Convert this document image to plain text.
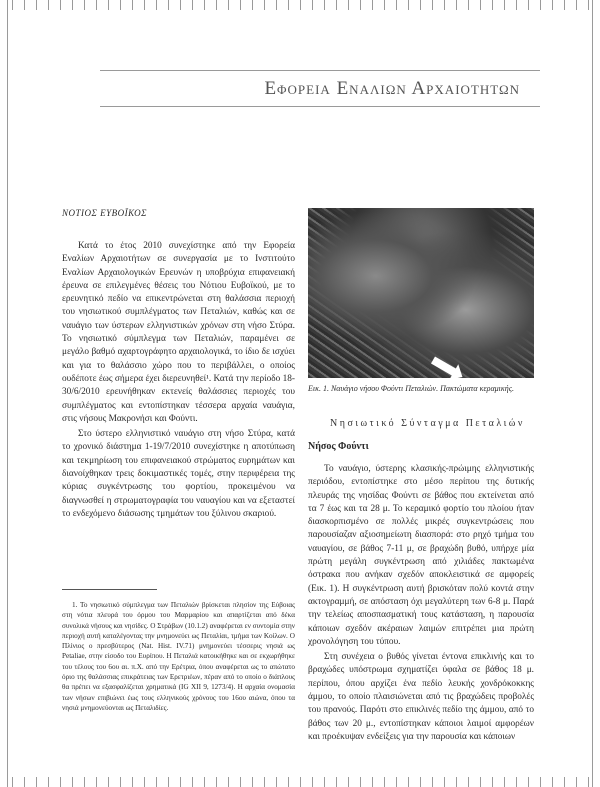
Εφορεια Εναλιων Αρχαιοτητων
ΝΟΤΙΟΣ ΕΥΒΟΪΚΟΣ

Κατά το έτος 2010 συνεχίστηκε από την Εφορεία Εναλίων Αρχαιοτήτων σε συνεργασία με το Ινστιτούτο Εναλίων Αρχαιολογικών Ερευνών η υποβρύχια επιφανειακή έρευνα σε επιλεγμένες θέσεις του Νότιου Ευβοϊκού, με το ερευνητικό πεδίο να επικεντρώνεται στη θαλάσσια περιοχή του νησιωτικού συμπλέγματος των Πεταλιών, καθώς και σε ναυάγιο των ύστερων ελληνιστικών χρόνων στη νήσο Στύρα. Το νησιωτικό σύμπλεγμα των Πεταλιών, παραμένει σε μεγάλο βαθμό αχαρτογράφητο αρχαιολογικά, το ίδιο δε ισχύει και για το θαλάσσιο χώρο που το περιβάλλει, ο οποίος ουδέποτε έως σήμερα έχει διερευνηθεί¹. Κατά την περίοδο 18-30/6/2010 ερευνήθηκαν εκτενείς θαλάσσιες περιοχές του συμπλέγματος και εντοπίστηκαν τέσσερα αρχαία ναυάγια, στις νήσους Μακρονήσι και Φούντι.

Στο ύστερο ελληνιστικό ναυάγιο στη νήσο Στύρα, κατά το χρονικό διάστημα 1-19/7/2010 συνεχίστηκε η αποτύπωση και τεκμηρίωση του επιφανειακού στρώματος ευρημάτων και διανοίχθηκαν τρεις δοκιμαστικές τομές, στην περιφέρεια της κύριας συγκέντρωσης του φορτίου, προκειμένου να διαγνωσθεί η στρωματογραφία του ναυαγίου και να εξεταστεί το ενδεχόμενο διάσωσης τμημάτων του ξύλινου σκαριού.

1. Το νησιωτικό σύμπλεγμα των Πεταλιών βρίσκεται πλησίον της Εύβοιας στη νότια πλευρά του όρμου του Μαρμαρίου και απαρτίζεται από δέκα συνολικά νήσους και νησίδες. Ο Στράβων (10.1.2) αναφέρεται εν συντομία στην περιοχή αυτή καταλέγοντας την μνημονεύει ως Πεταλίαι, τμήμα των Κοίλων. Ο Πλίνιος ο πρεσβύτερος (Nat. Hist. IV.71) μνημονεύει τέσσερις νησιά ως Petaliae, στην είσοδο του Ευρίπου. Η Πεταλιά κατοικήθηκε και σε εκχωρήθηκε του τέλους του 6ου αι. π.Χ. από την Ερέτρια, όπου αναφέρεται ως το απώτατο όριο της θαλάσσιας επικράτειας των Ερετριέων, πέραν από το οποίο ο διάπλους θα πρέπει να εξασφαλίζεται χρηματικά (IG XII 9, 1273/4). Η αρχαία ονομασία των νήσων επιβιώνει έως τους ελληνικούς χρόνους του 16ου αιώνα, όπου τα νησιά μνημονεύονται ως Πεταλιδίες.

Εικ. 1. Ναυάγιο νήσου Φούντι Πεταλιών. Πακτώματα κεραμικής.
Νησιωτικό Σύνταγμα Πεταλιών
Νήσος Φούντι

Το ναυάγιο, ύστερης κλασικής-πρώιμης ελληνιστικής περιόδου, εντοπίστηκε στο μέσο περίπου της δυτικής πλευράς της νησίδας Φούντι σε βάθος που εκτείνεται από τα 7 έως και τα 28 μ. Το κεραμικό φορτίο του πλοίου ήταν διασκορπισμένο σε πολλές μικρές συγκεντρώσεις που παρουσίαζαν αξιοσημείωτη διασπορά: στο ρηχό τμήμα του ναυαγίου, σε βάθος 7-11 μ, σε βραχώδη βυθό, υπήρχε μία πρώτη μεγάλη συγκέντρωση από χιλιάδες πακτωμένα όστρακα που ανήκαν σχεδόν αποκλειστικά σε αμφορείς (Εικ. 1). Η συγκέντρωση αυτή βρισκόταν πολύ κοντά στην ακτογραμμή, σε απόσταση όχι μεγαλύτερη των 6-8 μ. Παρά την τελείως αποσπασματική τους κατάσταση, η παρουσία κάποιων σχεδόν ακέραιων λαιμών επιτρέπει μια πρώτη χρονολόγηση του τύπου.

Στη συνέχεια ο βυθός γίνεται έντονα επικλινής και το βραχώδες υπόστρωμα σχηματίζει ύφαλα σε βάθος 18 μ. περίπου, όπου αρχίζει ένα πεδίο λευκής χονδρόκοκκης άμμου, το οποίο πλαισιώνεται από τις βραχώδεις προβολές του πρανούς. Παρότι στο επικλινές πεδίο της άμμου, από το βάθος των 20 μ., εντοπίστηκαν κάποιοι λαιμοί αμφορέων και προέκυψαν ενδείξεις για την παρουσία και κάποιων
